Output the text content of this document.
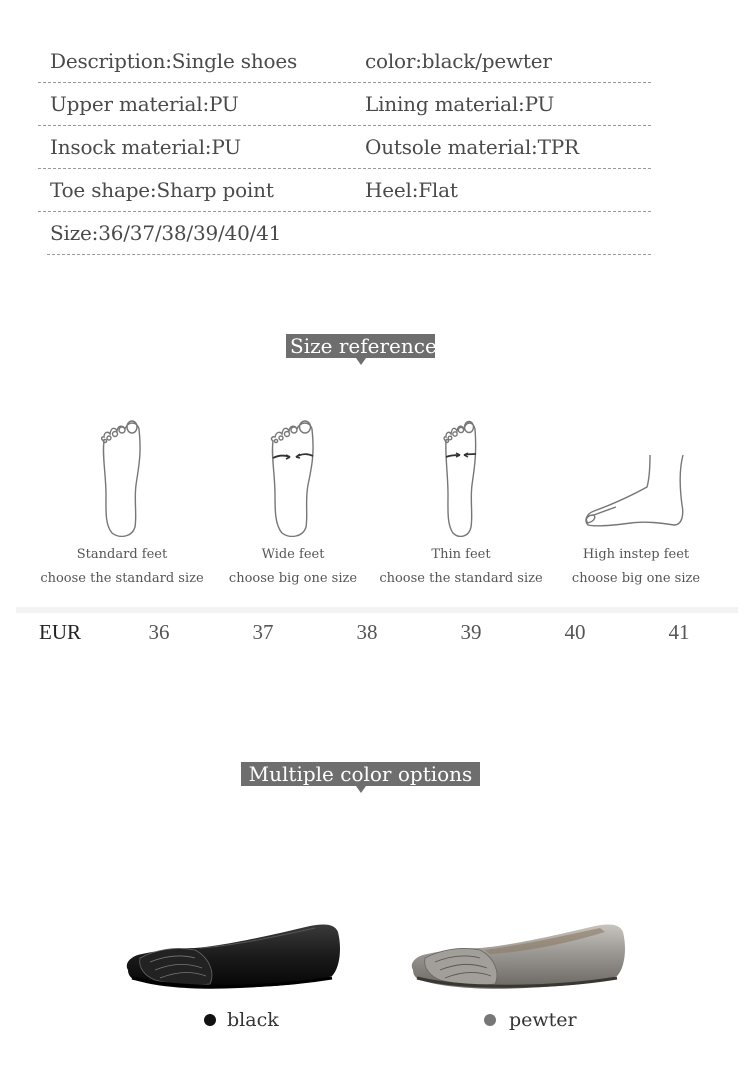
Description:Single shoes	color:black/pewter
Upper material:PU	Lining material:PU
Insock material:PU	Outsole material:TPR
Toe shape:Sharp point	Heel:Flat
Size:36/37/38/39/40/41
Size reference
Standard feet
choose the standard size
Wide feet
choose big one size
Thin feet
choose the standard size
High instep feet
choose big one size
EUR	36	37	38	39	40	41
Multiple color options
black	pewter
